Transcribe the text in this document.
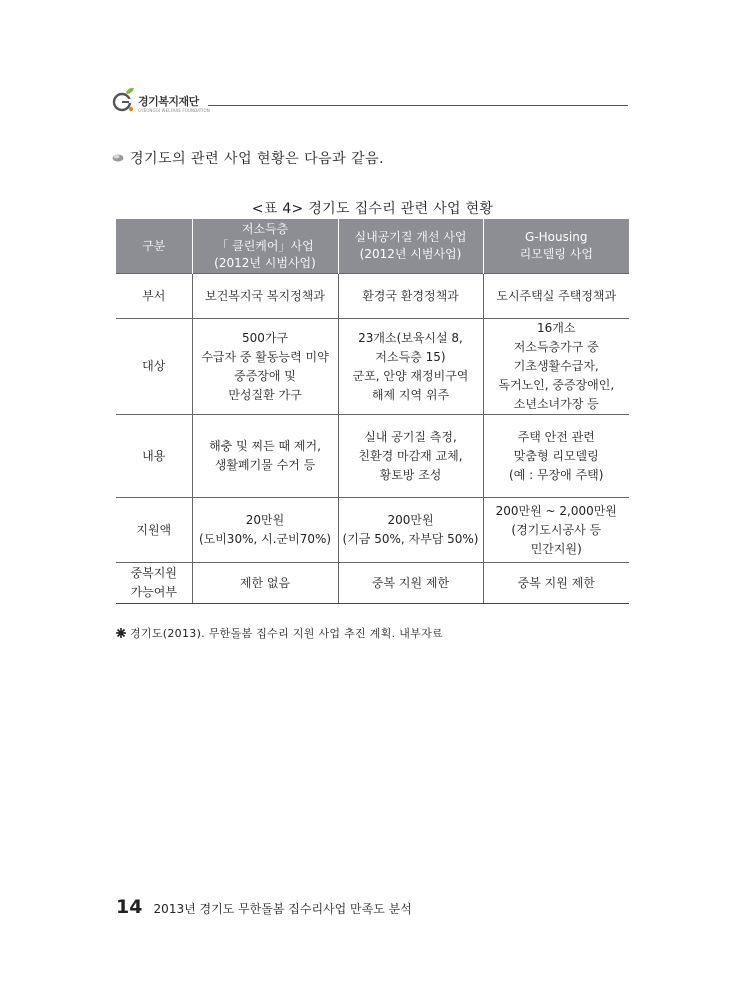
경기복지재단
GYEONGGI WELFARE FOUNDATION
경기도의 관련 사업 현황은 다음과 같음.
<표 4> 경기도 집수리 관련 사업 현황
구분	저소득층
「 클린케어」사업
(2012년 시범사업)	실내공기질 개선 사업
(2012년 시범사업)	G-Housing
리모델링 사업
부서	보건복지국 복지정책과	환경국 환경정책과	도시주택실 주택정책과
대상	500가구
수급자 중 활동능력 미약
중증장애 및
만성질환 가구	23개소(보육시설 8,
저소득층 15)
군포, 안양 재정비구역
해제 지역 위주	16개소
저소득층가구 중
기초생활수급자,
독거노인, 중증장애인,
소년소녀가장 등
내용	해충 및 찌든 때 제거,
생활폐기물 수거 등	실내 공기질 측정,
친환경 마감재 교체,
황토방 조성	주택 안전 관련
맞춤형 리모델링
(예 : 무장애 주택)
지원액	20만원
(도비30%, 시.군비70%)	200만원
(기금 50%, 자부담 50%)	200만원 ~ 2,000만원
(경기도시공사 등
민간지원)
중복지원
가능여부	제한 없음	중복 지원 제한	중복 지원 제한
경기도(2013). 무한돌봄 집수리 지원 사업 추진 계획. 내부자료
14 2013년 경기도 무한돌봄 집수리사업 만족도 분석
